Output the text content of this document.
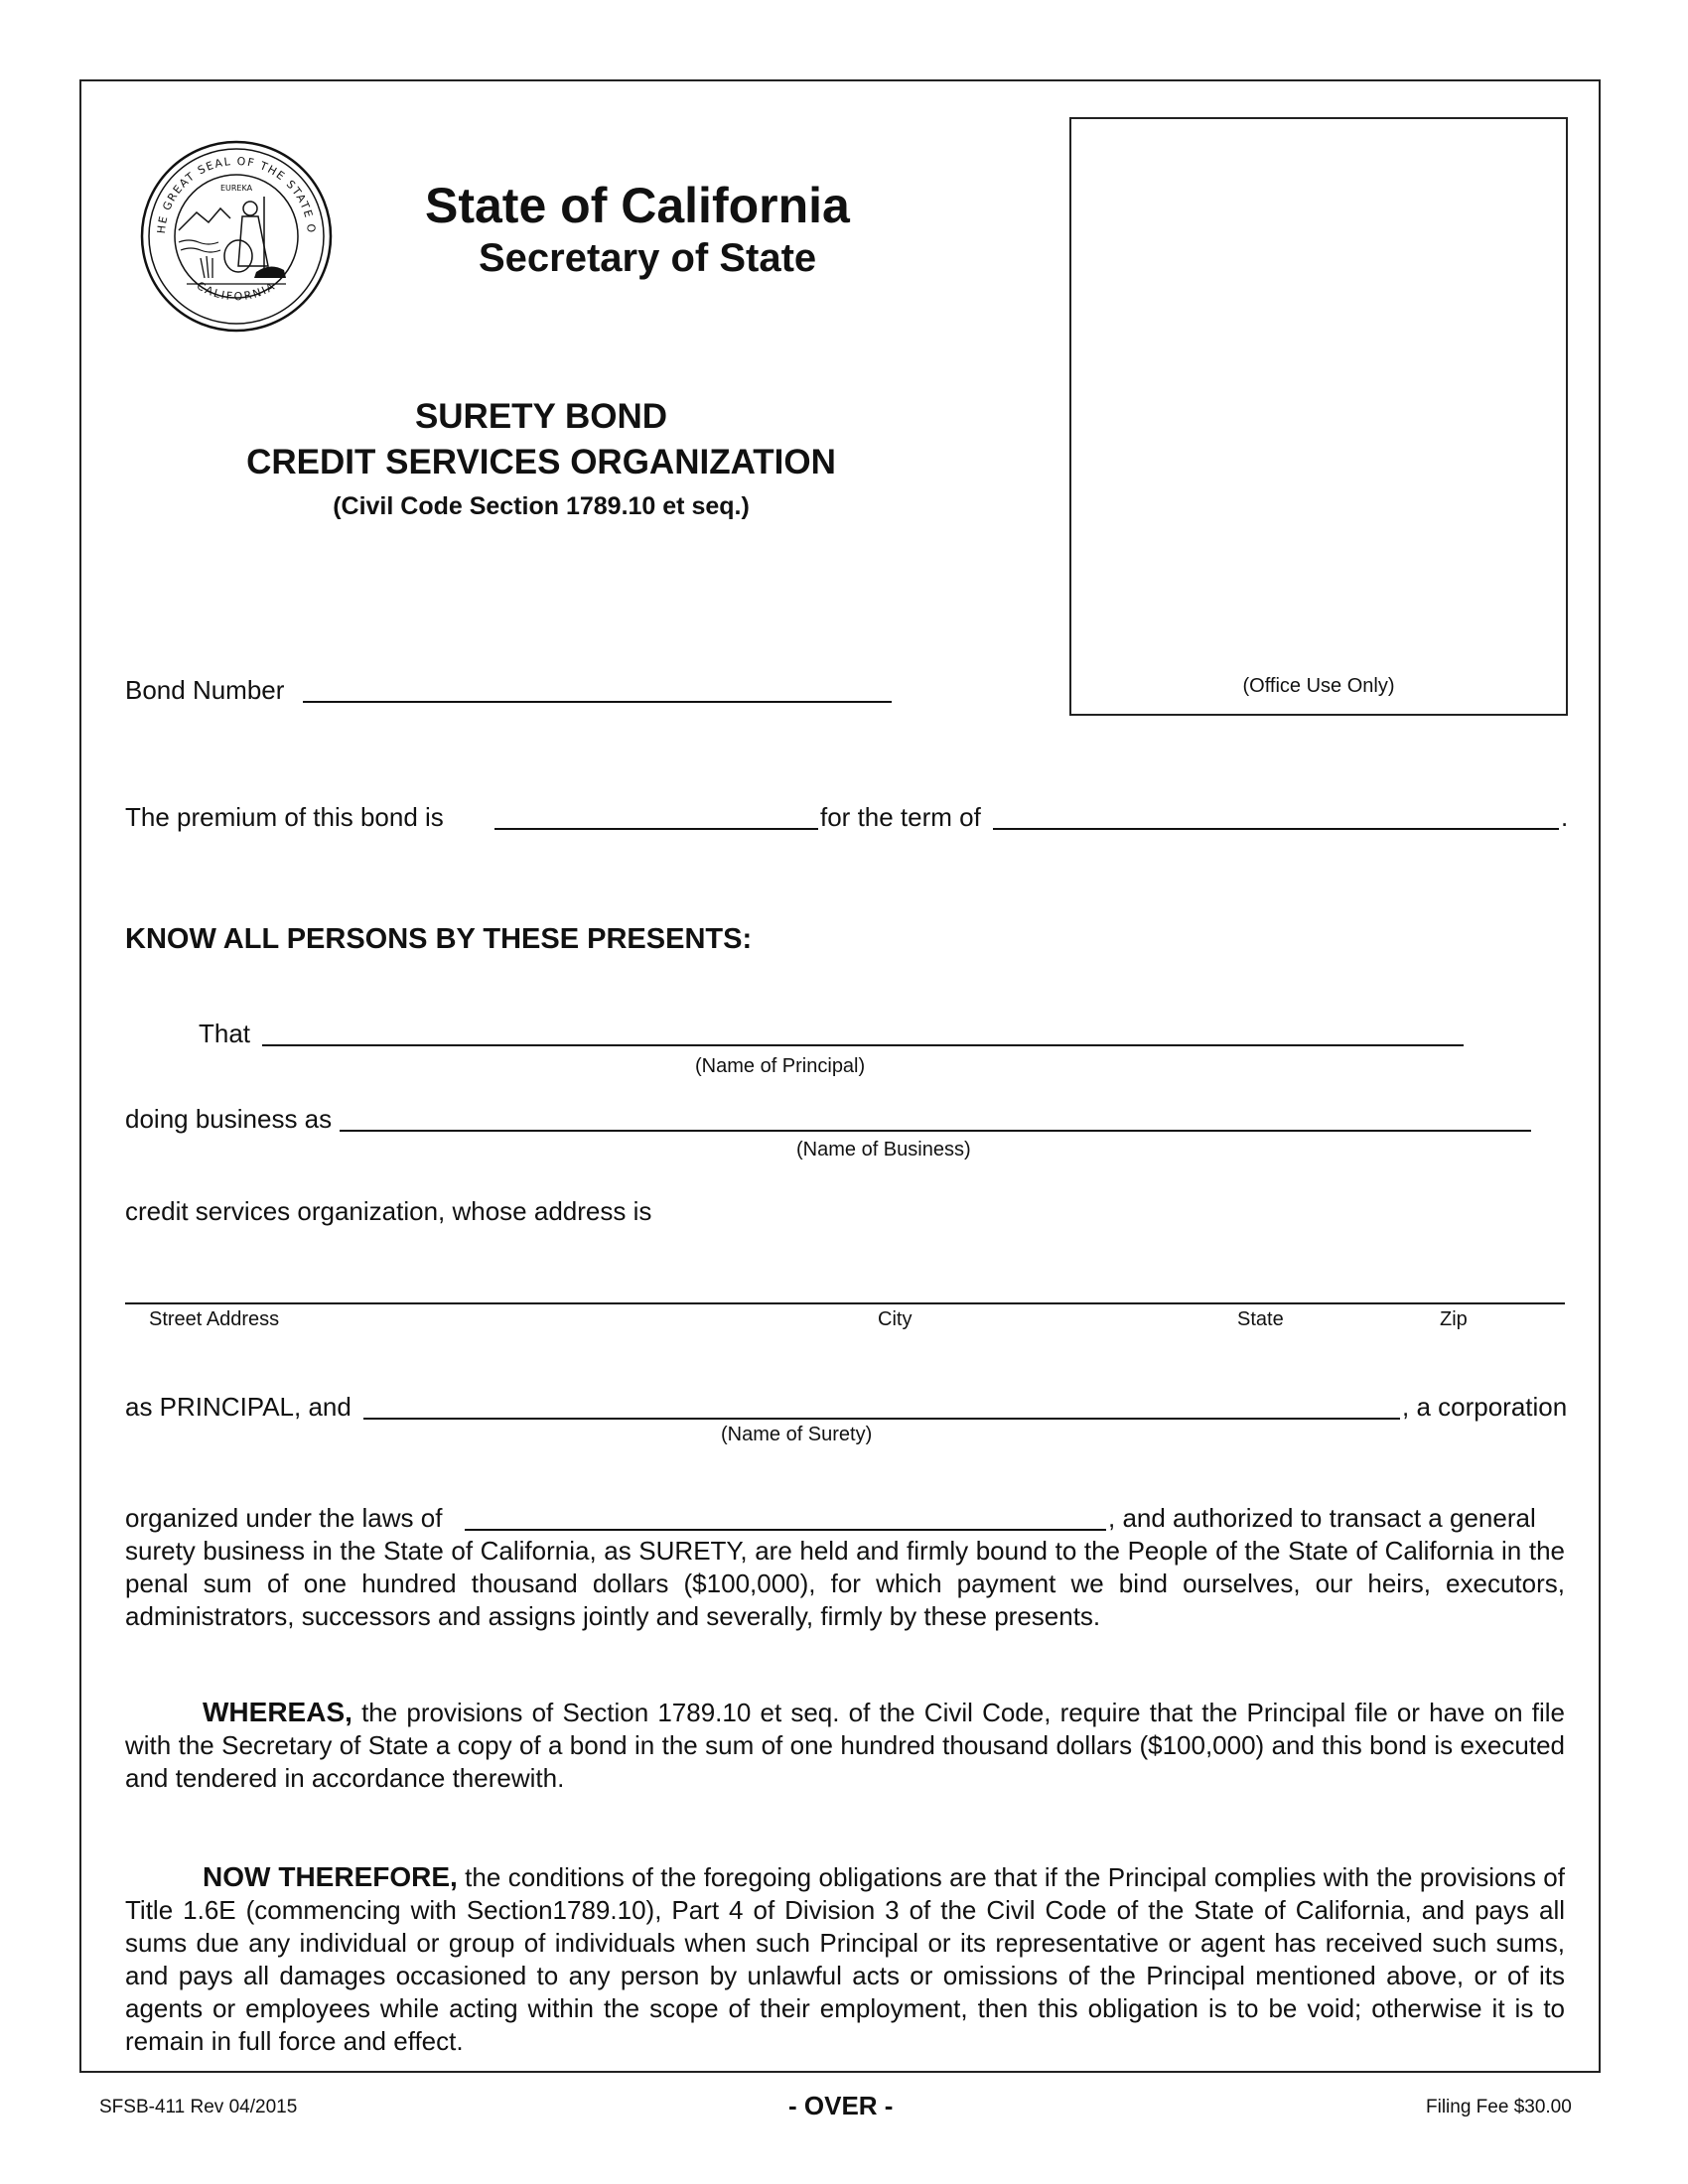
HE GREAT SEAL OF THE STATE O
CALIFORNIA
EUREKA	State of California
Secretary of State
(Office Use Only)
SURETY BOND
CREDIT SERVICES ORGANIZATION
(Civil Code Section 1789.10 et seq.)
Bond Number
The premium of this bond is	for the term of	.
KNOW ALL PERSONS BY THESE PRESENTS:
That
(Name of Principal)
doing business as
(Name of Business)
credit services organization, whose address is
Street Address	City	State	Zip
as PRINCIPAL, and	, a corporation
(Name of Surety)
organized under the laws of	, and authorized to transact a general
surety business in the State of California, as SURETY, are held and firmly bound to the People of the State of California in the penal sum of one hundred thousand dollars ($100,000), for which payment we bind ourselves, our heirs, executors, administrators, successors and assigns jointly and severally, firmly by these presents.
WHEREAS, the provisions of Section 1789.10 et seq. of the Civil Code, require that the Principal file or have on file with the Secretary of State a copy of a bond in the sum of one hundred thousand dollars ($100,000) and this bond is executed and tendered in accordance therewith.
NOW THEREFORE, the conditions of the foregoing obligations are that if the Principal complies with the provisions of Title 1.6E (commencing with Section1789.10), Part 4 of Division 3 of the Civil Code of the State of California, and pays all sums due any individual or group of individuals when such Principal or its representative or agent has received such sums, and pays all damages occasioned to any person by unlawful acts or omissions of the Principal mentioned above, or of its agents or employees while acting within the scope of their employment, then this obligation is to be void; otherwise it is to remain in full force and effect.
SFSB-411 Rev 04/2015	- OVER -	Filing Fee $30.00
